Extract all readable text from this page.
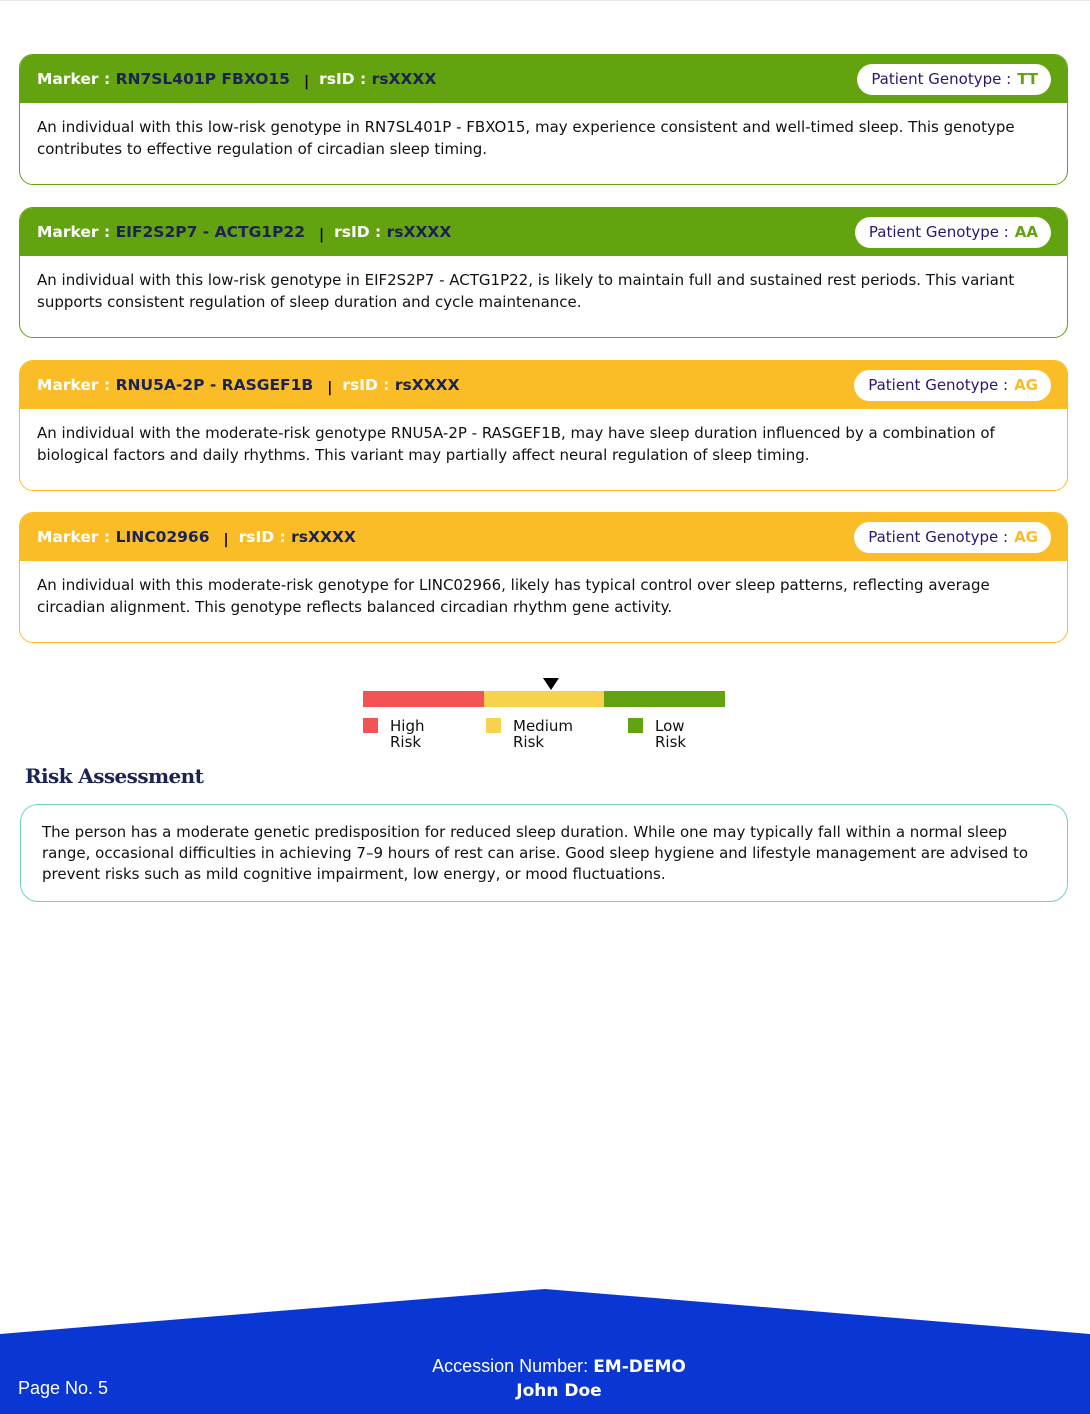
Marker :
RN7SL401P FBXO15 | rsID :
rsXXXX	Patient Genotype : TT
An individual with this low-risk genotype in RN7SL401P - FBXO15, may experience consistent and well-timed sleep. This genotype contributes to effective regulation of circadian sleep timing.
Marker :
EIF2S2P7 - ACTG1P22 | rsID :
rsXXXX	Patient Genotype : AA
An individual with this low-risk genotype in EIF2S2P7 - ACTG1P22, is likely to maintain full and sustained rest periods. This variant supports consistent regulation of sleep duration and cycle maintenance.
Marker :
RNU5A-2P - RASGEF1B | rsID :
rsXXXX	Patient Genotype : AG
An individual with the moderate-risk genotype RNU5A-2P - RASGEF1B, may have sleep duration influenced by a combination of biological factors and daily rhythms. This variant may partially affect neural regulation of sleep timing.
Marker :
LINC02966 | rsID :
rsXXXX	Patient Genotype : AG
An individual with this moderate-risk genotype for LINC02966, likely has typical control over sleep patterns, reflecting average circadian alignment. This genotype reflects balanced circadian rhythm gene activity.
High
Risk
Medium
Risk
Low
Risk
Risk Assessment
The person has a moderate genetic predisposition for reduced sleep duration. While one may typically fall within a normal sleep range, occasional difficulties in achieving 7–9 hours of rest can arise. Good sleep hygiene and lifestyle management are advised to prevent risks such as mild cognitive impairment, low energy, or mood fluctuations.
Accession Number: EM-DEMO
John Doe
Page No. 5
